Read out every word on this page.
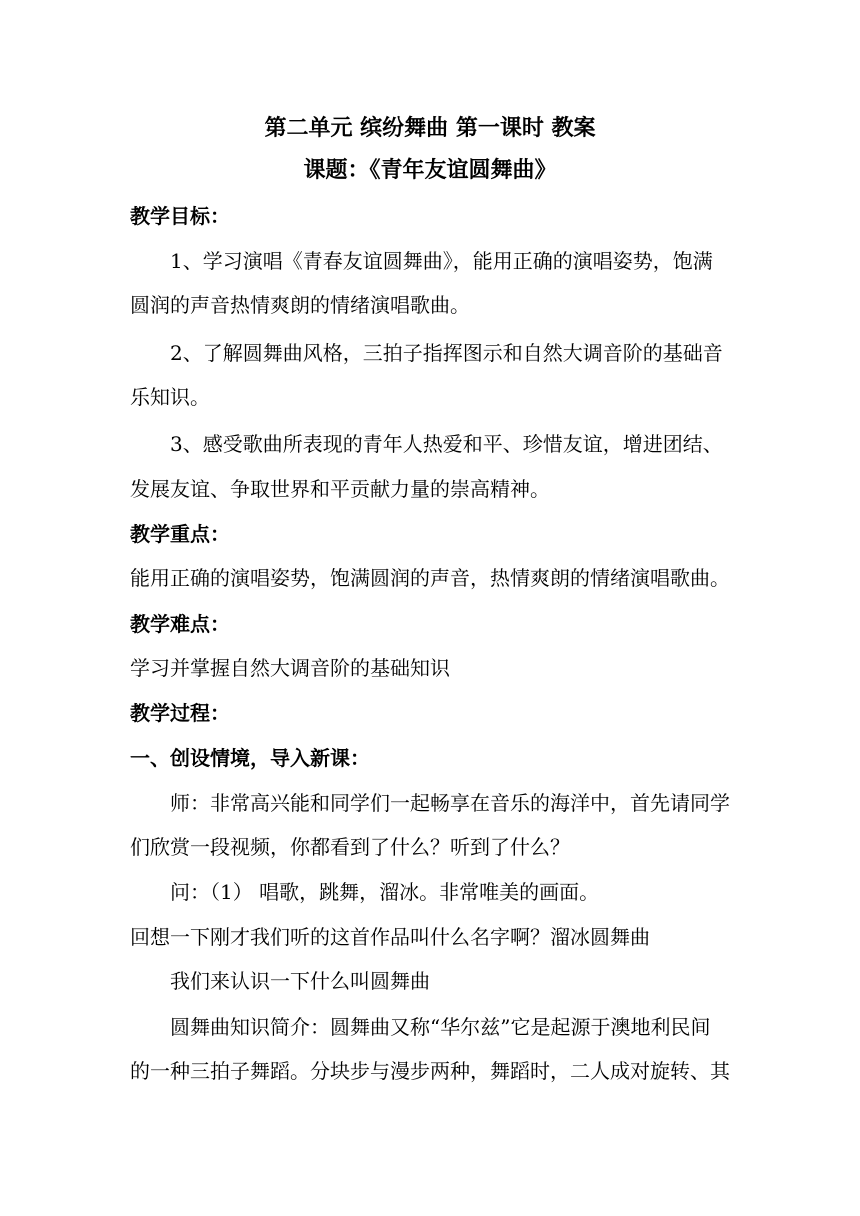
第二单元 缤纷舞曲 第一课时 教案
课题：《青年友谊圆舞曲》
教学目标：
1、学习演唱《青春友谊圆舞曲》，能用正确的演唱姿势，饱满
圆润的声音热情爽朗的情绪演唱歌曲。
2、了解圆舞曲风格，三拍子指挥图示和自然大调音阶的基础音
乐知识。
3、感受歌曲所表现的青年人热爱和平、珍惜友谊，增进团结、
发展友谊、争取世界和平贡献力量的崇高精神。
教学重点：
能用正确的演唱姿势，饱满圆润的声音，热情爽朗的情绪演唱歌曲。
教学难点：
学习并掌握自然大调音阶的基础知识
教学过程：
一、创设情境，导入新课：
师：非常高兴能和同学们一起畅享在音乐的海洋中，首先请同学
们欣赏一段视频，你都看到了什么？听到了什么？
问：（1） 唱歌，跳舞，溜冰。非常唯美的画面。
回想一下刚才我们听的这首作品叫什么名字啊？溜冰圆舞曲
我们来认识一下什么叫圆舞曲
圆舞曲知识简介：圆舞曲又称“华尔兹”它是起源于澳地利民间
的一种三拍子舞蹈。分块步与漫步两种，舞蹈时，二人成对旋转、其
